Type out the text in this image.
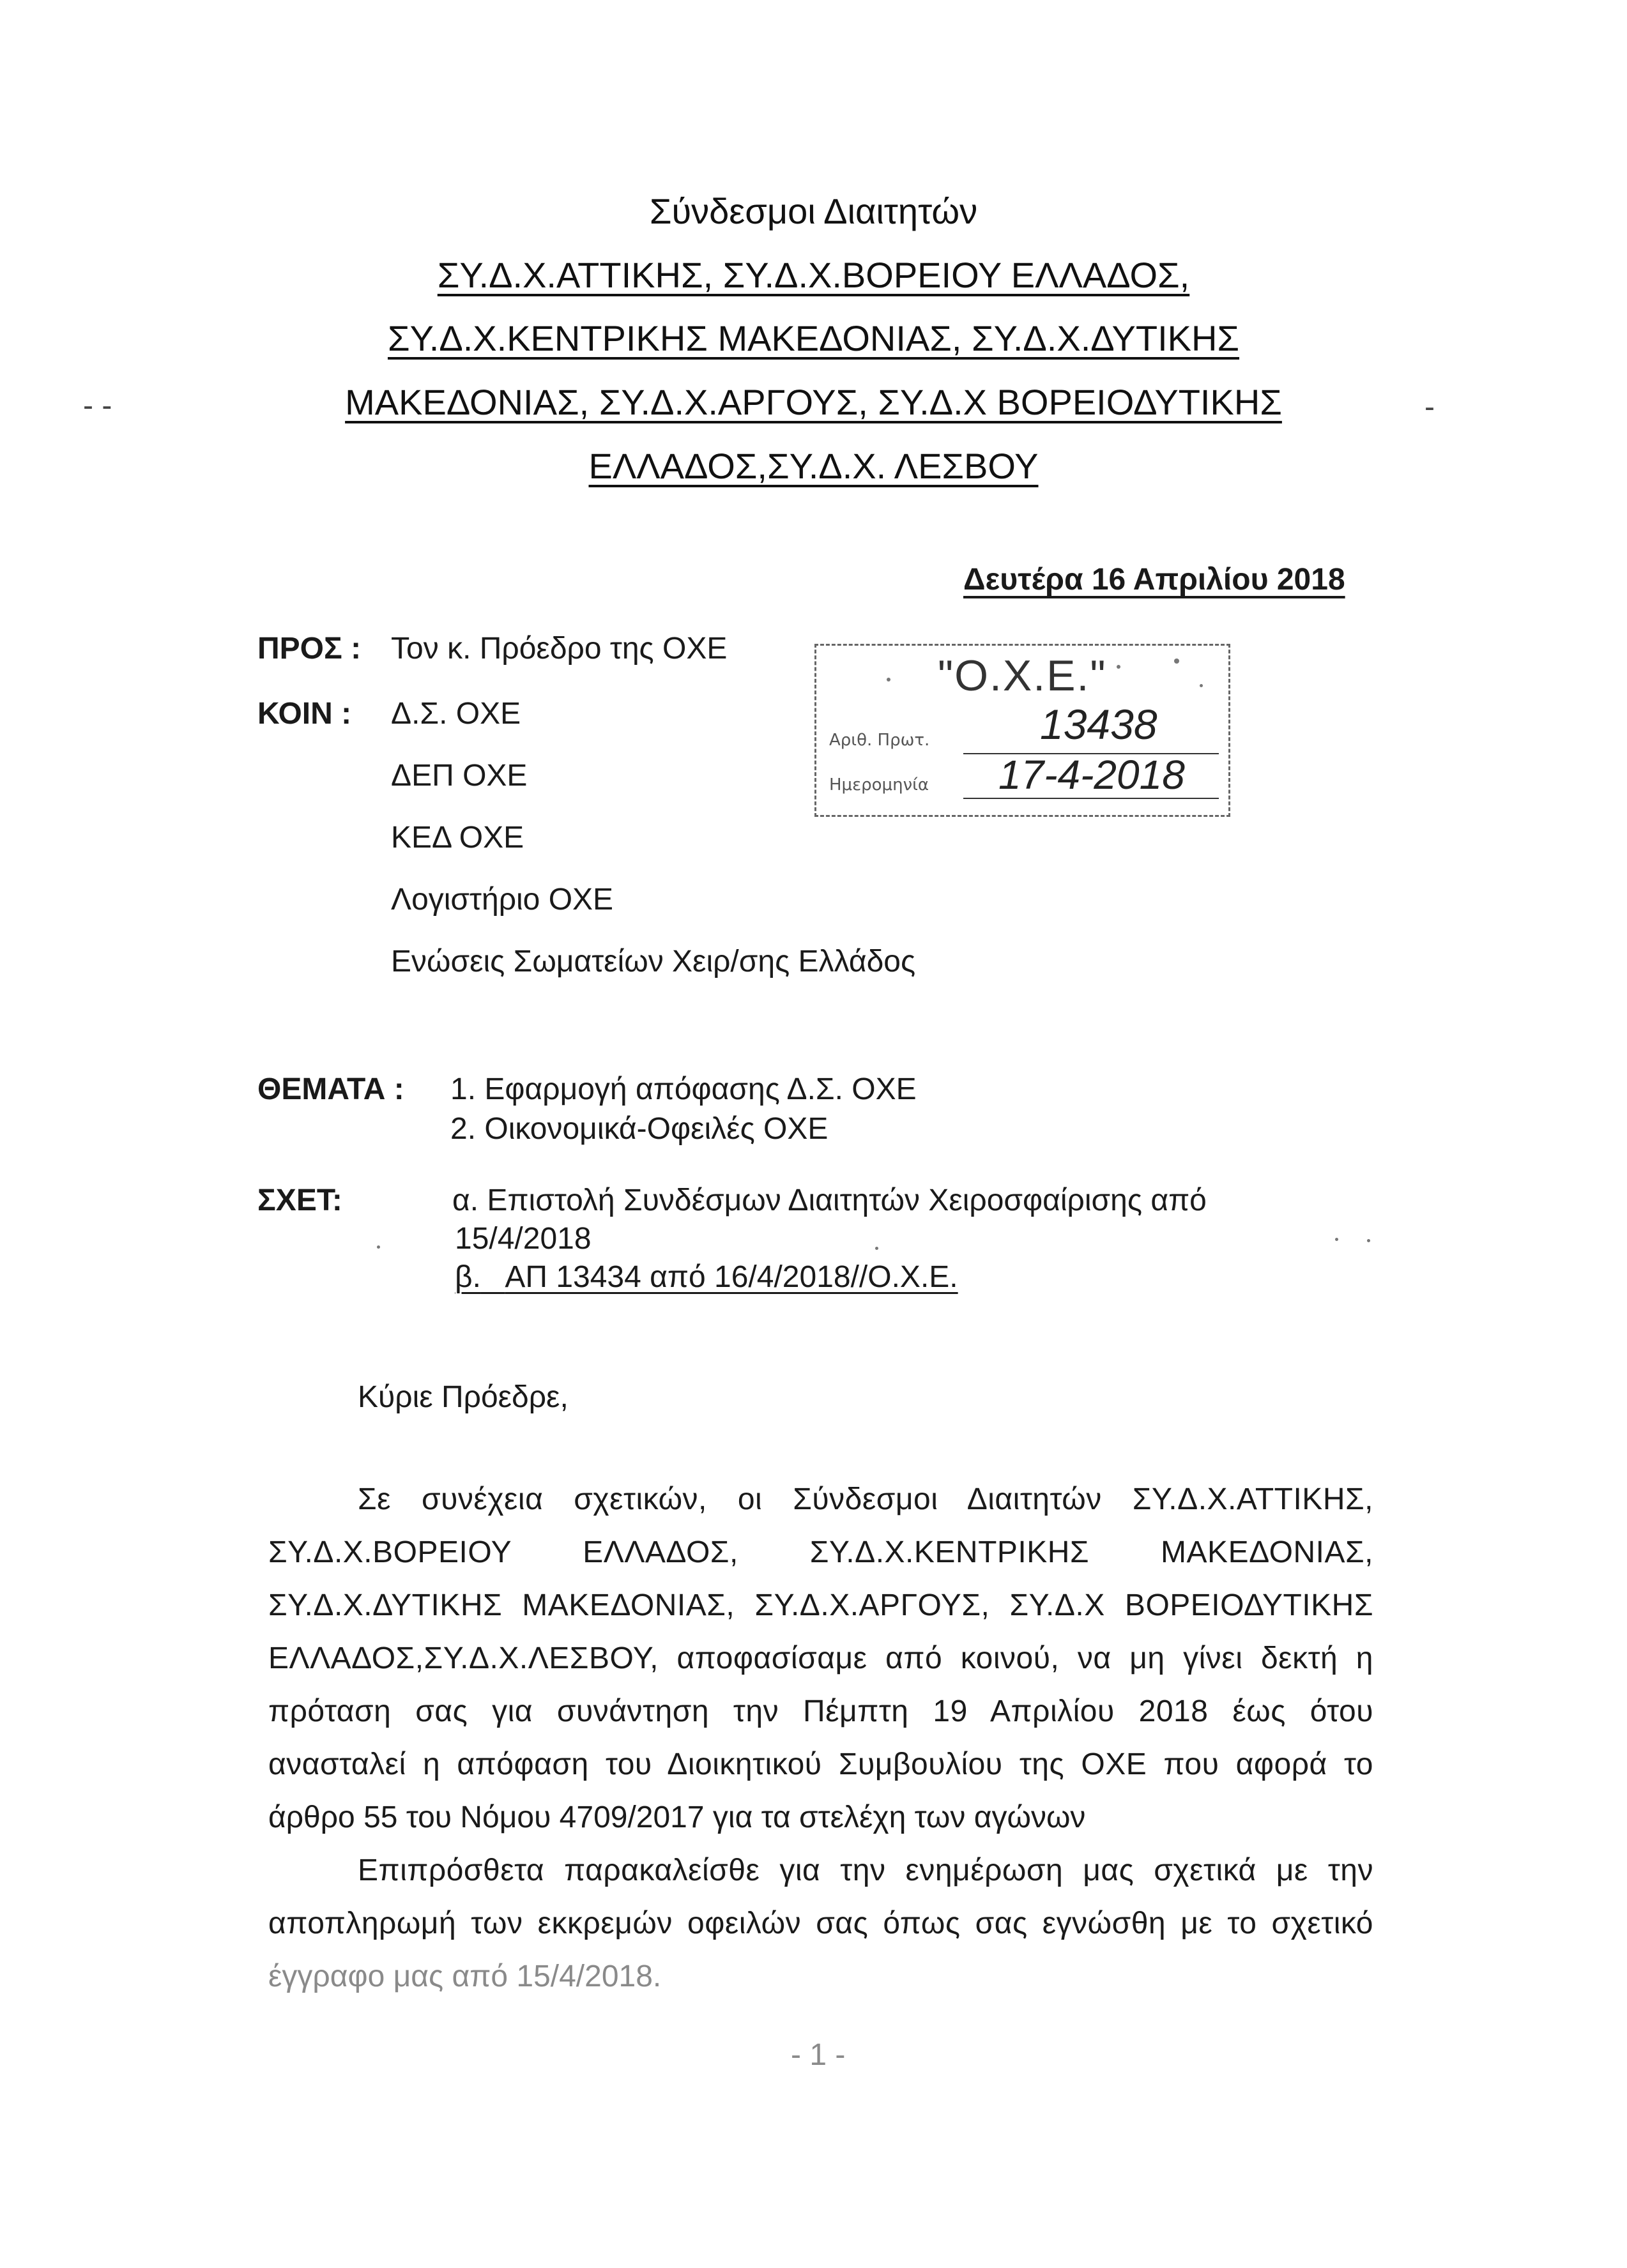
Σύνδεσμοι Διαιτητών
ΣΥ.Δ.Χ.ΑΤΤΙΚΗΣ, ΣΥ.Δ.Χ.ΒΟΡΕΙΟΥ ΕΛΛΑΔΟΣ,
ΣΥ.Δ.Χ.ΚΕΝΤΡΙΚΗΣ ΜΑΚΕΔΟΝΙΑΣ, ΣΥ.Δ.Χ.ΔΥΤΙΚΗΣ
ΜΑΚΕΔΟΝΙΑΣ, ΣΥ.Δ.Χ.ΑΡΓΟΥΣ, ΣΥ.Δ.Χ ΒΟΡΕΙΟΔΥΤΙΚΗΣ
ΕΛΛΑΔΟΣ,ΣΥ.Δ.Χ. ΛΕΣΒΟΥ
- -	-
Δευτέρα 16 Απριλίου 2018
ΠΡΟΣ : Τον κ. Πρόεδρο της ΟΧΕ
ΚΟΙΝ : Δ.Σ. ΟΧΕ
ΔΕΠ ΟΧΕ
ΚΕΔ ΟΧΕ
Λογιστήριο ΟΧΕ
Ενώσεις Σωματείων Χειρ/σης Ελλάδος
"Ο.Χ.Ε."
Αριθ. Πρωτ.	13438
Ημερομηνία 17-4-2018
ΘΕΜΑΤΑ : 1. Εφαρμογή απόφασης Δ.Σ. ΟΧΕ
2. Οικονομικά-Οφειλές ΟΧΕ
ΣΧΕΤ:	α. Επιστολή Συνδέσμων Διαιτητών Χειροσφαίρισης από
15/4/2018
β. ΑΠ 13434 από 16/4/2018//Ο.Χ.Ε.
Κύριε Πρόεδρε,
Σε συνέχεια σχετικών, οι Σύνδεσμοι Διαιτητών ΣΥ.Δ.Χ.ΑΤΤΙΚΗΣ,
ΣΥ.Δ.Χ.ΒΟΡΕΙΟΥ ΕΛΛΑΔΟΣ, ΣΥ.Δ.Χ.ΚΕΝΤΡΙΚΗΣ ΜΑΚΕΔΟΝΙΑΣ,
ΣΥ.Δ.Χ.ΔΥΤΙΚΗΣ ΜΑΚΕΔΟΝΙΑΣ, ΣΥ.Δ.Χ.ΑΡΓΟΥΣ, ΣΥ.Δ.Χ ΒΟΡΕΙΟΔΥΤΙΚΗΣ
ΕΛΛΑΔΟΣ,ΣΥ.Δ.Χ.ΛΕΣΒΟΥ, αποφασίσαμε από κοινού, να μη γίνει δεκτή η
πρόταση σας για συνάντηση την Πέμπτη 19 Απριλίου 2018 έως ότου
ανασταλεί η απόφαση του Διοικητικού Συμβουλίου της ΟΧΕ που αφορά το
άρθρο 55 του Νόμου 4709/2017 για τα στελέχη των αγώνων
Επιπρόσθετα παρακαλείσθε για την ενημέρωση μας σχετικά με την
αποπληρωμή των εκκρεμών οφειλών σας όπως σας εγνώσθη με το σχετικό
έγγραφο μας από 15/4/2018.
- 1 -
